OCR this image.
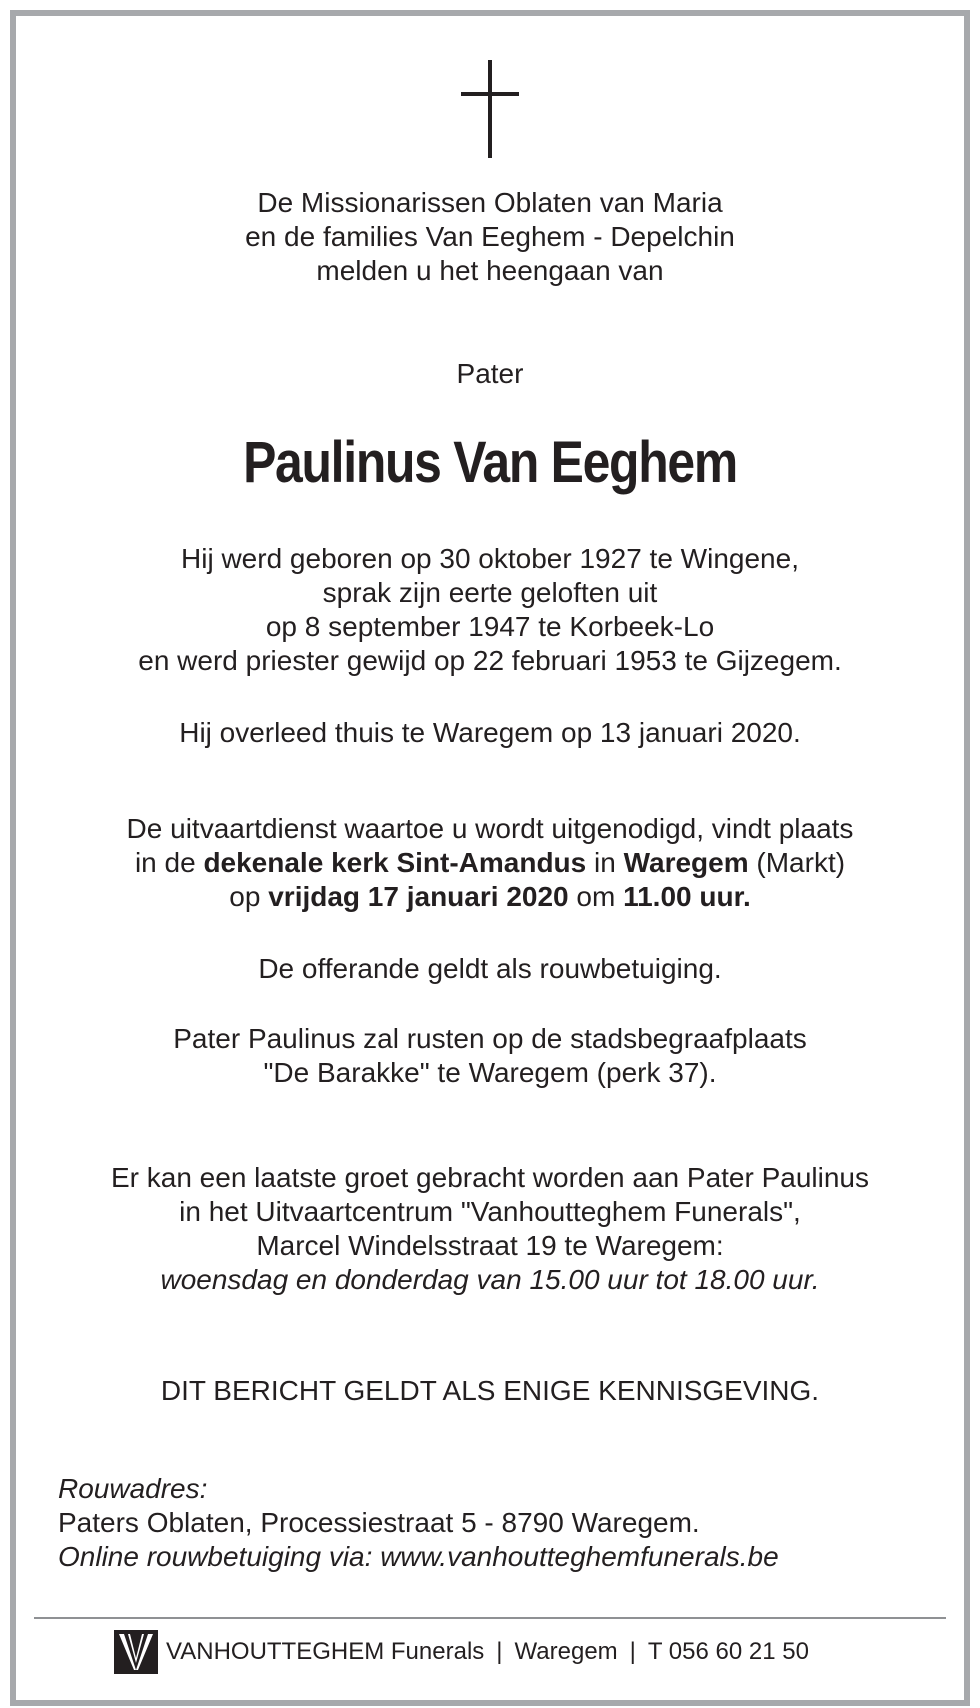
De Missionarissen Oblaten van Maria
en de families Van Eeghem - Depelchin
melden u het heengaan van
Pater
Paulinus Van Eeghem
Hij werd geboren op 30 oktober 1927 te Wingene,
sprak zijn eerte geloften uit
op 8 september 1947 te Korbeek-Lo
en werd priester gewijd op 22 februari 1953 te Gijzegem.
Hij overleed thuis te Waregem op 13 januari 2020.
De uitvaartdienst waartoe u wordt uitgenodigd, vindt plaats
in de dekenale kerk Sint-Amandus in Waregem (Markt)
op vrijdag 17 januari 2020 om 11.00 uur.
De offerande geldt als rouwbetuiging.
Pater Paulinus zal rusten op de stadsbegraafplaats
"De Barakke" te Waregem (perk 37).
Er kan een laatste groet gebracht worden aan Pater Paulinus
in het Uitvaartcentrum "Vanhoutteghem Funerals",
Marcel Windelsstraat 19 te Waregem:
woensdag en donderdag van 15.00 uur tot 18.00 uur.
DIT BERICHT GELDT ALS ENIGE KENNISGEVING.
Rouwadres:
Paters Oblaten, Processiestraat 5 - 8790 Waregem.
Online rouwbetuiging via: www.vanhoutteghemfunerals.be
VANHOUTTEGHEM Funerals | Waregem | T 056 60 21 50
